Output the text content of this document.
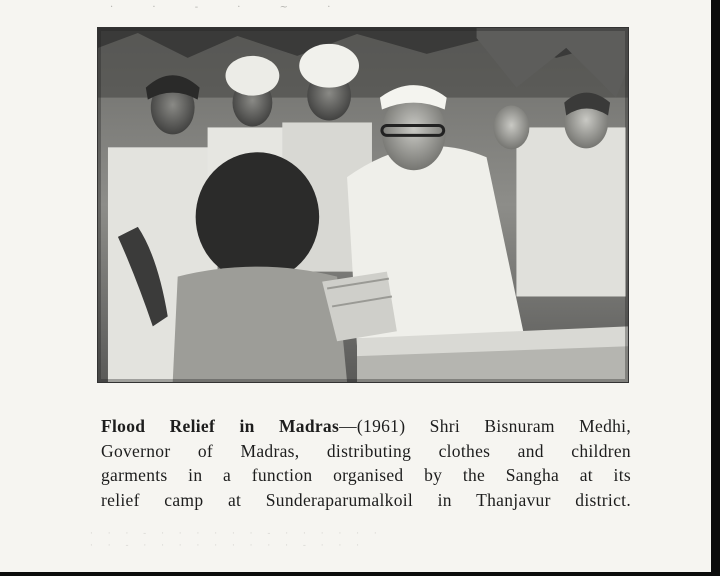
· · - · ~ ·
Flood Relief in Madras—(1961) Shri Bisnuram Medhi,
Governor of Madras, distributing clothes and children
garments in a function organised by the Sangha at its
relief camp at Sunderaparumalkoil in Thanjavur district.
· · · - · · · · · · - · · · · · ·
· · - · · · · · · · · · - · · ·
